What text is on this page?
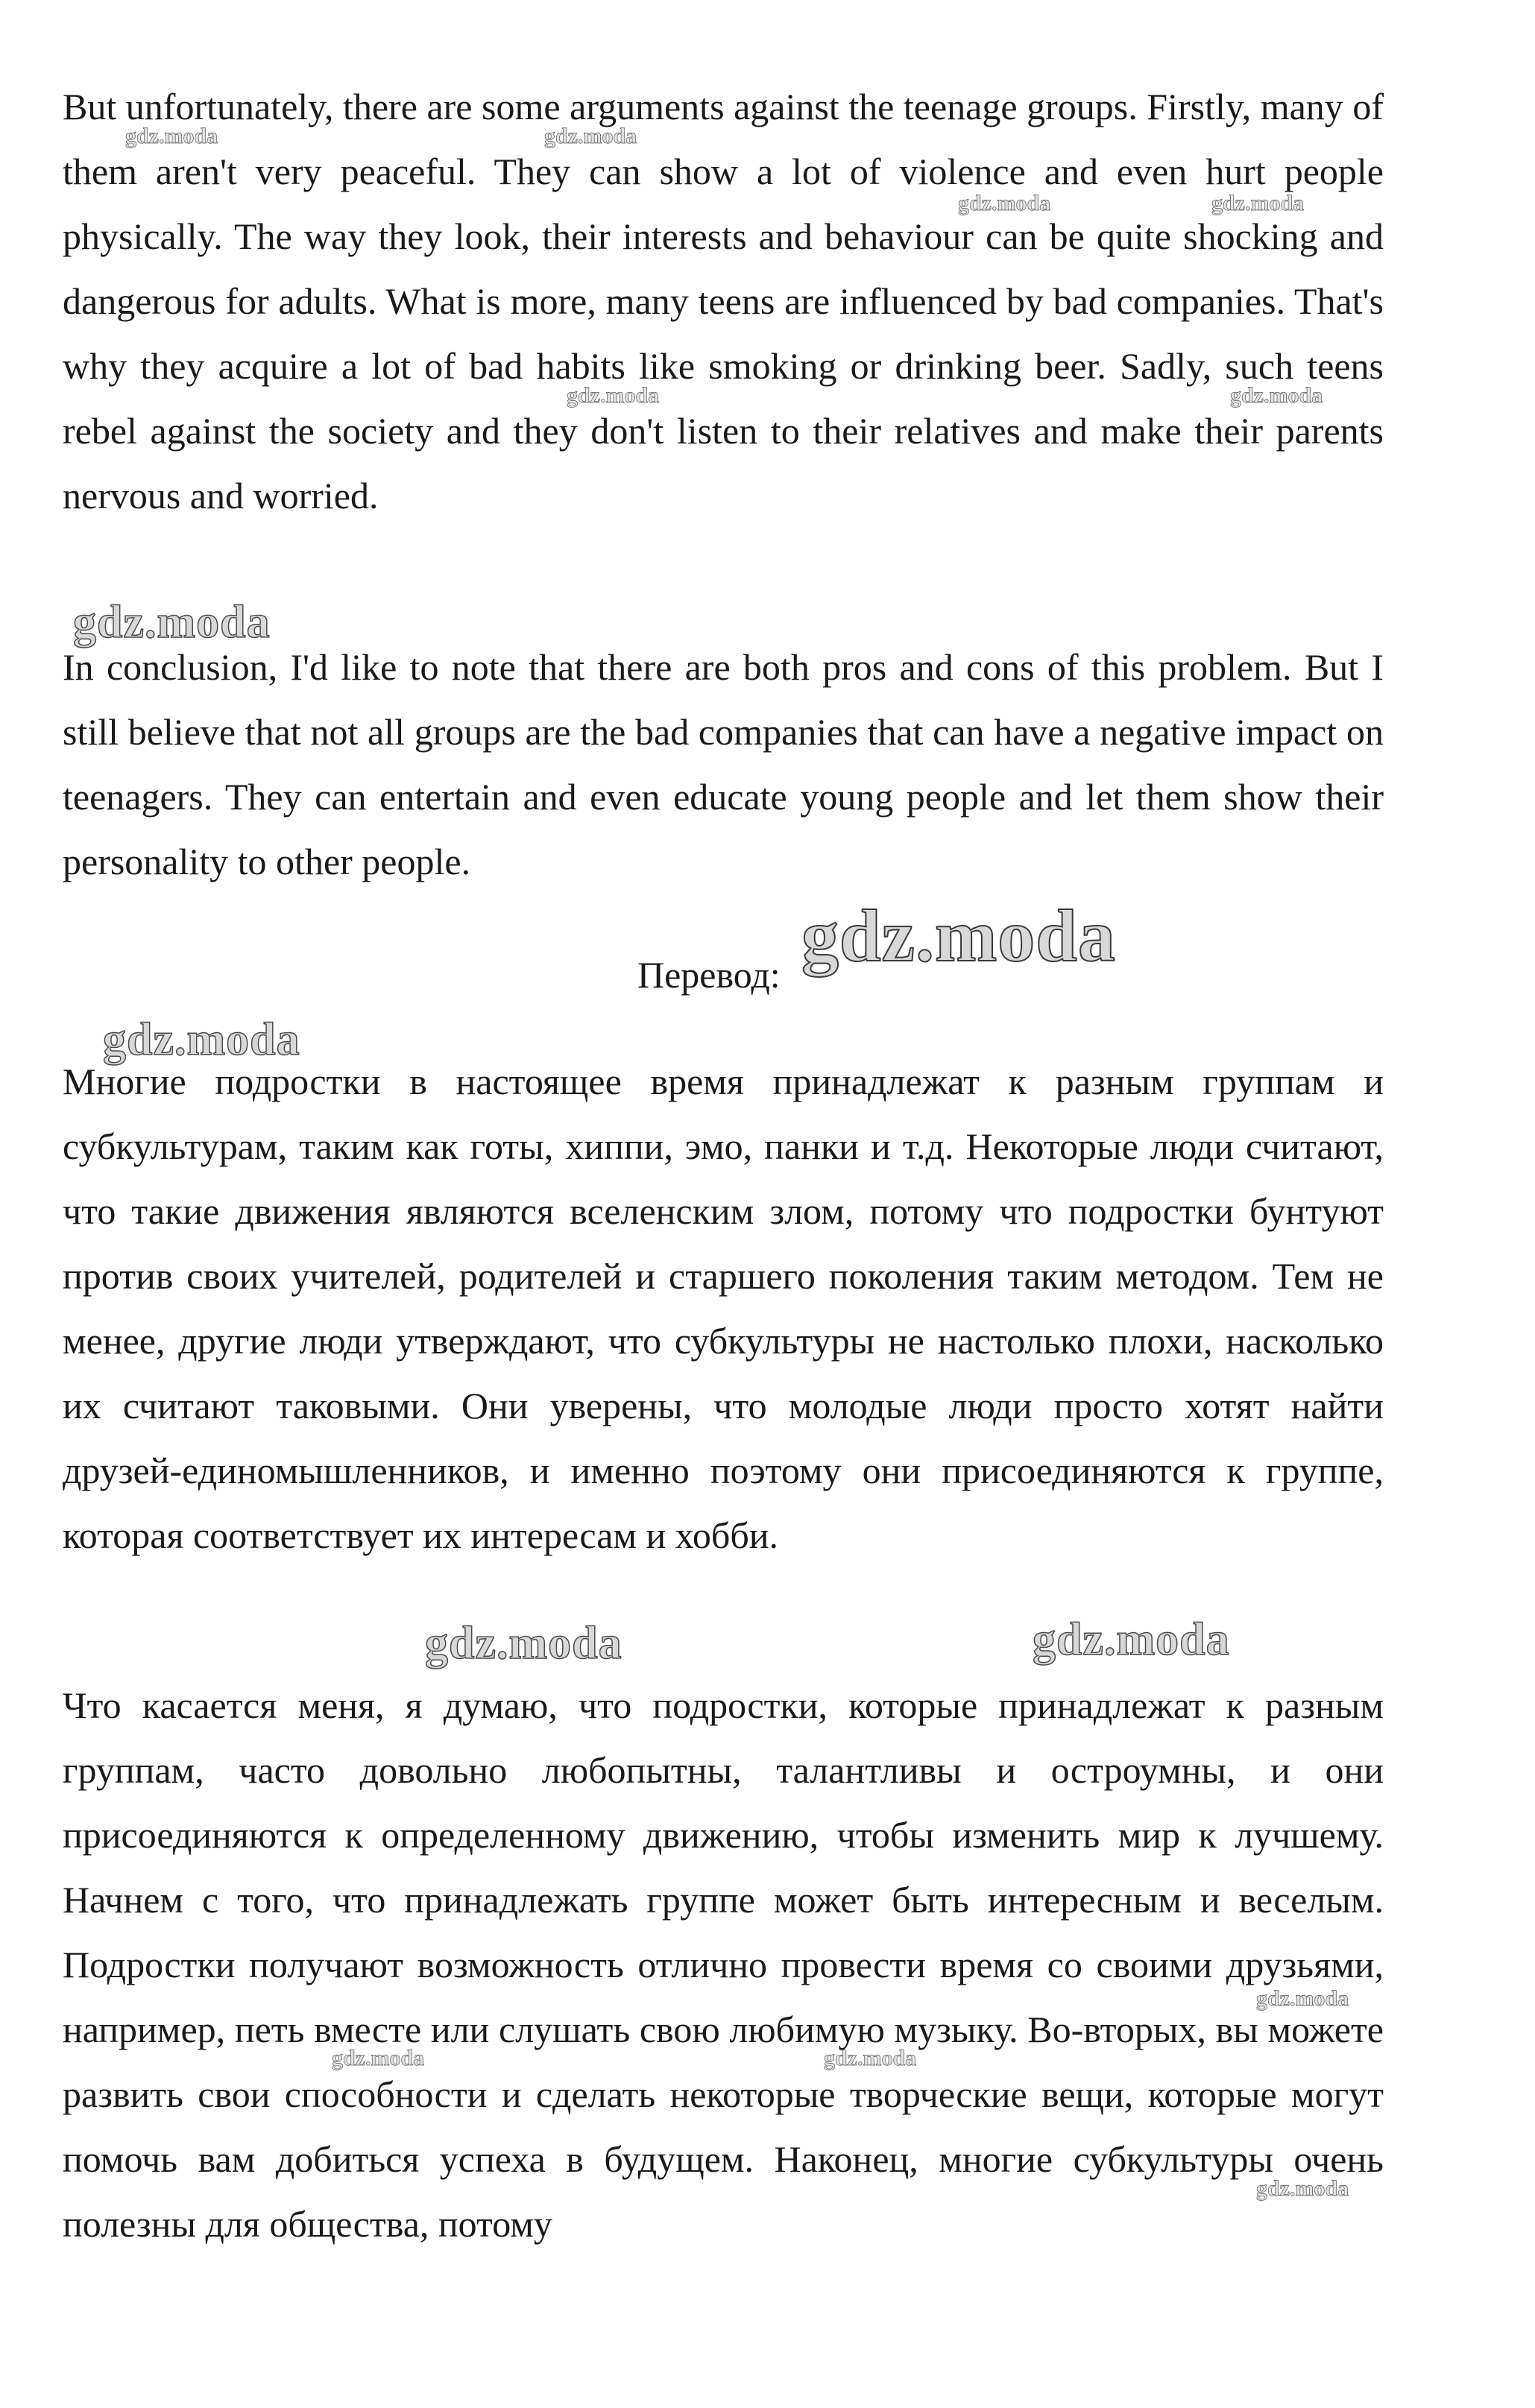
But unfortunately, there are some arguments against the teenage groups. Firstly, many of them aren't very peaceful. They can show a lot of violence and even hurt people physically. The way they look, their interests and behaviour can be quite shocking and dangerous for adults. What is more, many teens are influenced by bad companies. That's why they acquire a lot of bad habits like smoking or drinking beer. Sadly, such teens rebel against the society and they don't listen to their relatives and make their parents nervous and worried.

In conclusion, I'd like to note that there are both pros and cons of this problem. But I still believe that not all groups are the bad companies that can have a negative impact on teenagers. They can entertain and even educate young people and let them show their personality to other people.

Перевод:

Многие подростки в настоящее время принадлежат к разным группам и субкультурам, таким как готы, хиппи, эмо, панки и т.д. Некоторые люди считают, что такие движения являются вселенским злом, потому что подростки бунтуют против своих учителей, родителей и старшего поколения таким методом. Тем не менее, другие люди утверждают, что субкультуры не настолько плохи, насколько их считают таковыми. Они уверены, что молодые люди просто хотят найти друзей-единомышленников, и именно поэтому они присоединяются к группе, которая соответствует их интересам и хобби.

Что касается меня, я думаю, что подростки, которые принадлежат к разным группам, часто довольно любопытны, талантливы и остроумны, и они присоединяются к определенному движению, чтобы изменить мир к лучшему. Начнем с того, что принадлежать группе может быть интересным и веселым. Подростки получают возможность отлично провести время со своими друзьями, например, петь вместе или слушать свою любимую музыку. Во-вторых, вы можете развить свои способности и сделать некоторые творческие вещи, которые могут помочь вам добиться успеха в будущем. Наконец, многие субкультуры очень полезны для общества, потому

gdz.moda	gdz.moda
gdz.moda	gdz.moda
gdz.moda	gdz.moda
gdz.moda
gdz.moda
gdz.moda
gdz.moda	gdz.moda
gdz.moda
gdz.moda	gdz.moda
gdz.moda
